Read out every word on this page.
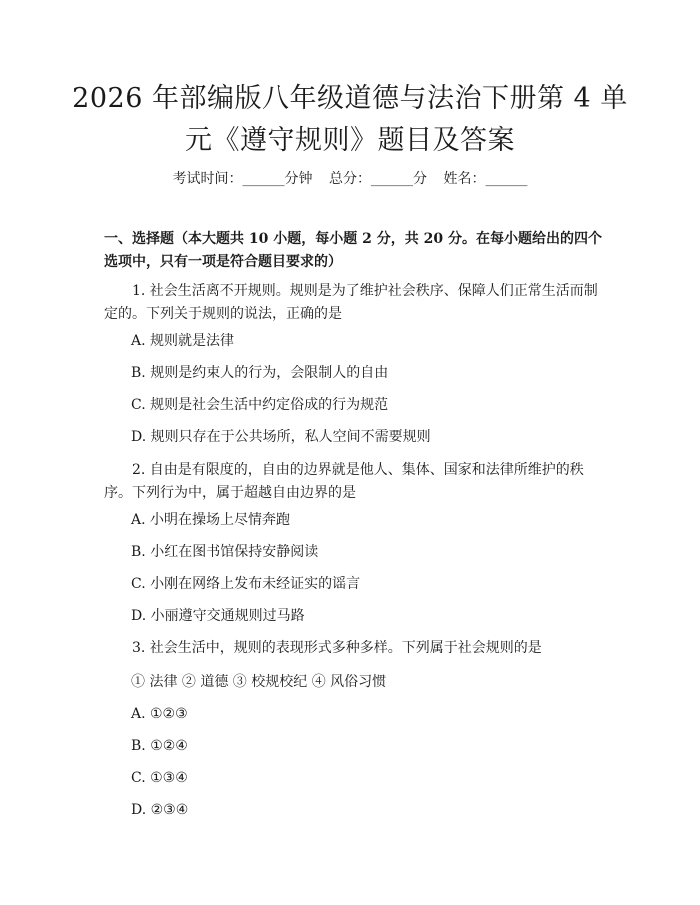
2026 年部编版八年级道德与法治下册第 4 单
元《遵守规则》题目及答案
考试时间：______分钟 总分：______分 姓名：______
一、选择题（本大题共 10 小题，每小题 2 分，共 20 分。在每小题给出的四个选项中，只有一项是符合题目要求的）
1. 社会生活离不开规则。规则是为了维护社会秩序、保障人们正常生活而制定的。下列关于规则的说法，正确的是
A. 规则就是法律
B. 规则是约束人的行为，会限制人的自由
C. 规则是社会生活中约定俗成的行为规范
D. 规则只存在于公共场所，私人空间不需要规则
2. 自由是有限度的，自由的边界就是他人、集体、国家和法律所维护的秩序。下列行为中，属于超越自由边界的是
A. 小明在操场上尽情奔跑
B. 小红在图书馆保持安静阅读
C. 小刚在网络上发布未经证实的谣言
D. 小丽遵守交通规则过马路
3. 社会生活中，规则的表现形式多种多样。下列属于社会规则的是
① 法律 ② 道德 ③ 校规校纪 ④ 风俗习惯
A. ①②③
B. ①②④
C. ①③④
D. ②③④
